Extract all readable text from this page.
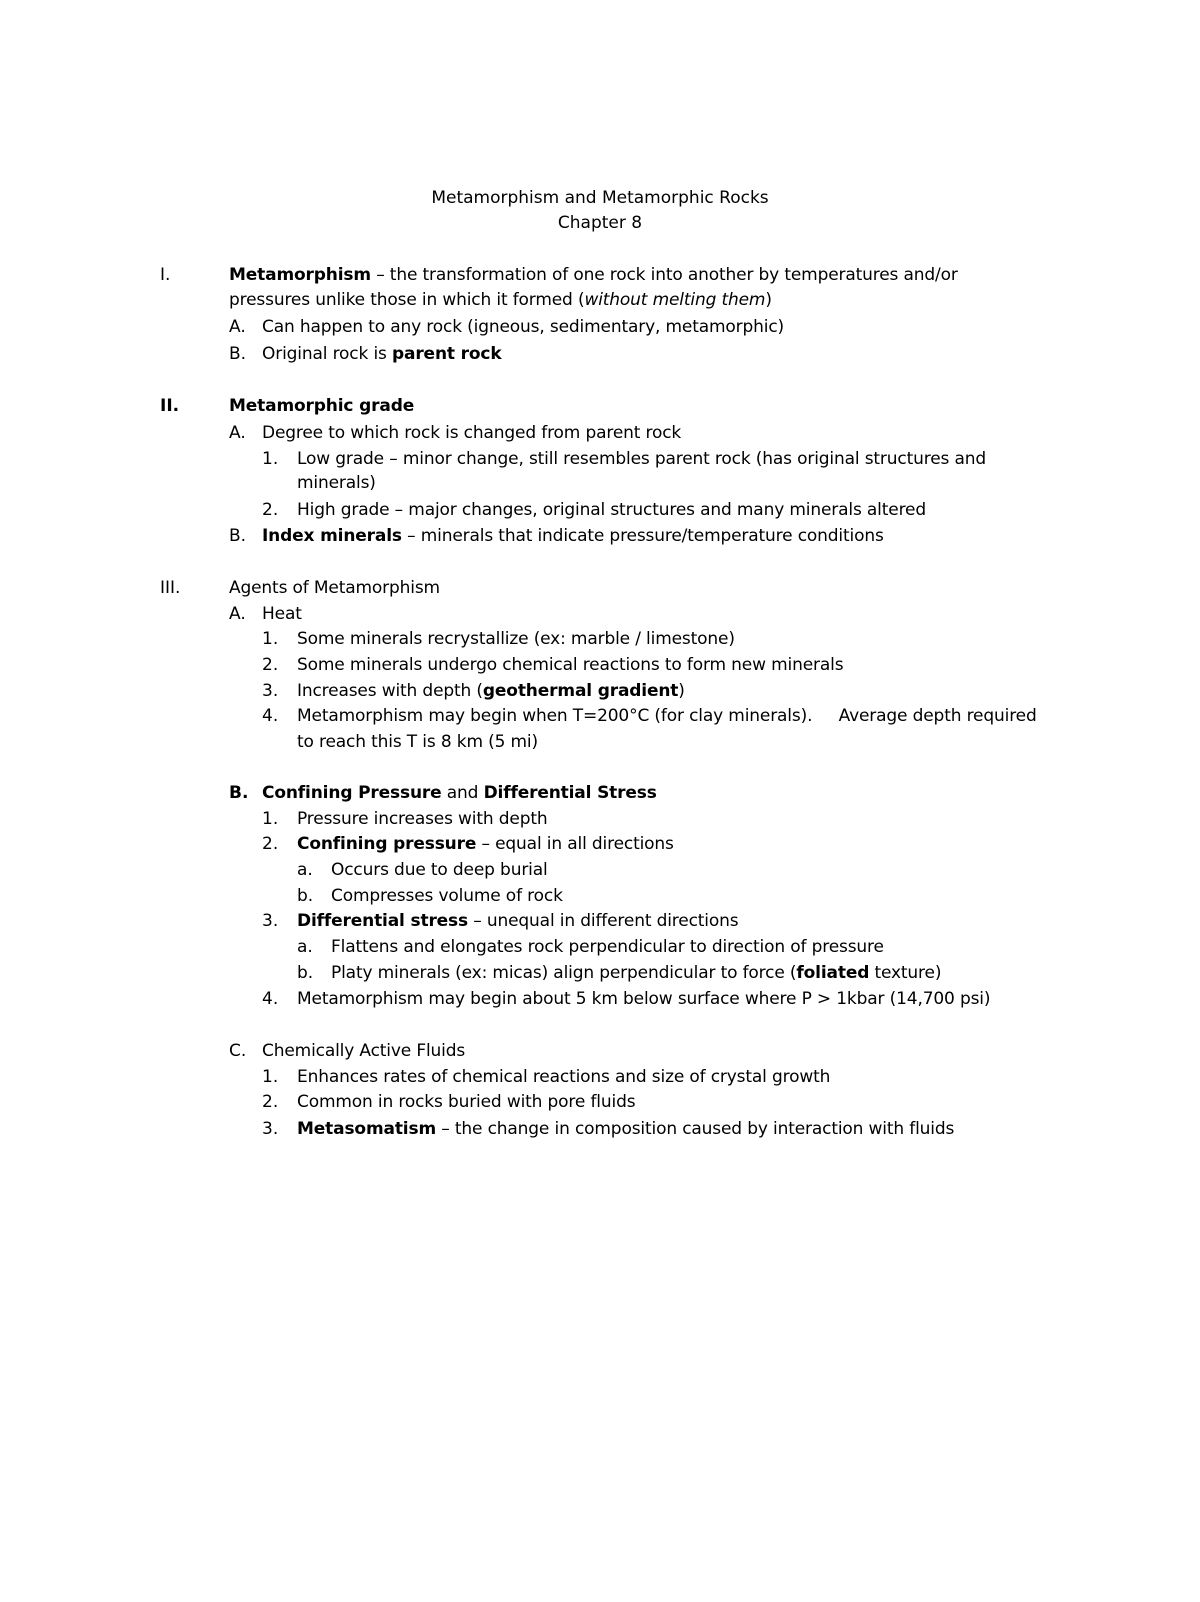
Metamorphism and Metamorphic Rocks
Chapter 8
I.	Metamorphism – the transformation of one rock into another by temperatures and/or
pressures unlike those in which it formed (without melting them)
A. Can happen to any rock (igneous, sedimentary, metamorphic)
B. Original rock is parent rock
II.	Metamorphic grade
A. Degree to which rock is changed from parent rock
1. Low grade – minor change, still resembles parent rock (has original structures and
minerals)
2. High grade – major changes, original structures and many minerals altered
B. Index minerals – minerals that indicate pressure/temperature conditions
III.	Agents of Metamorphism
A. Heat
1. Some minerals recrystallize (ex: marble / limestone)
2. Some minerals undergo chemical reactions to form new minerals
3. Increases with depth (geothermal gradient)
4. Metamorphism may begin when T=200°C (for clay minerals).     Average depth required
to reach this T is 8 km (5 mi)
B. Confining Pressure and Differential Stress
1. Pressure increases with depth
2. Confining pressure – equal in all directions
a. Occurs due to deep burial
b. Compresses volume of rock
3. Differential stress – unequal in different directions
a. Flattens and elongates rock perpendicular to direction of pressure
b. Platy minerals (ex: micas) align perpendicular to force (foliated texture)
4. Metamorphism may begin about 5 km below surface where P > 1kbar (14,700 psi)
C. Chemically Active Fluids
1. Enhances rates of chemical reactions and size of crystal growth
2. Common in rocks buried with pore fluids
3. Metasomatism – the change in composition caused by interaction with fluids
